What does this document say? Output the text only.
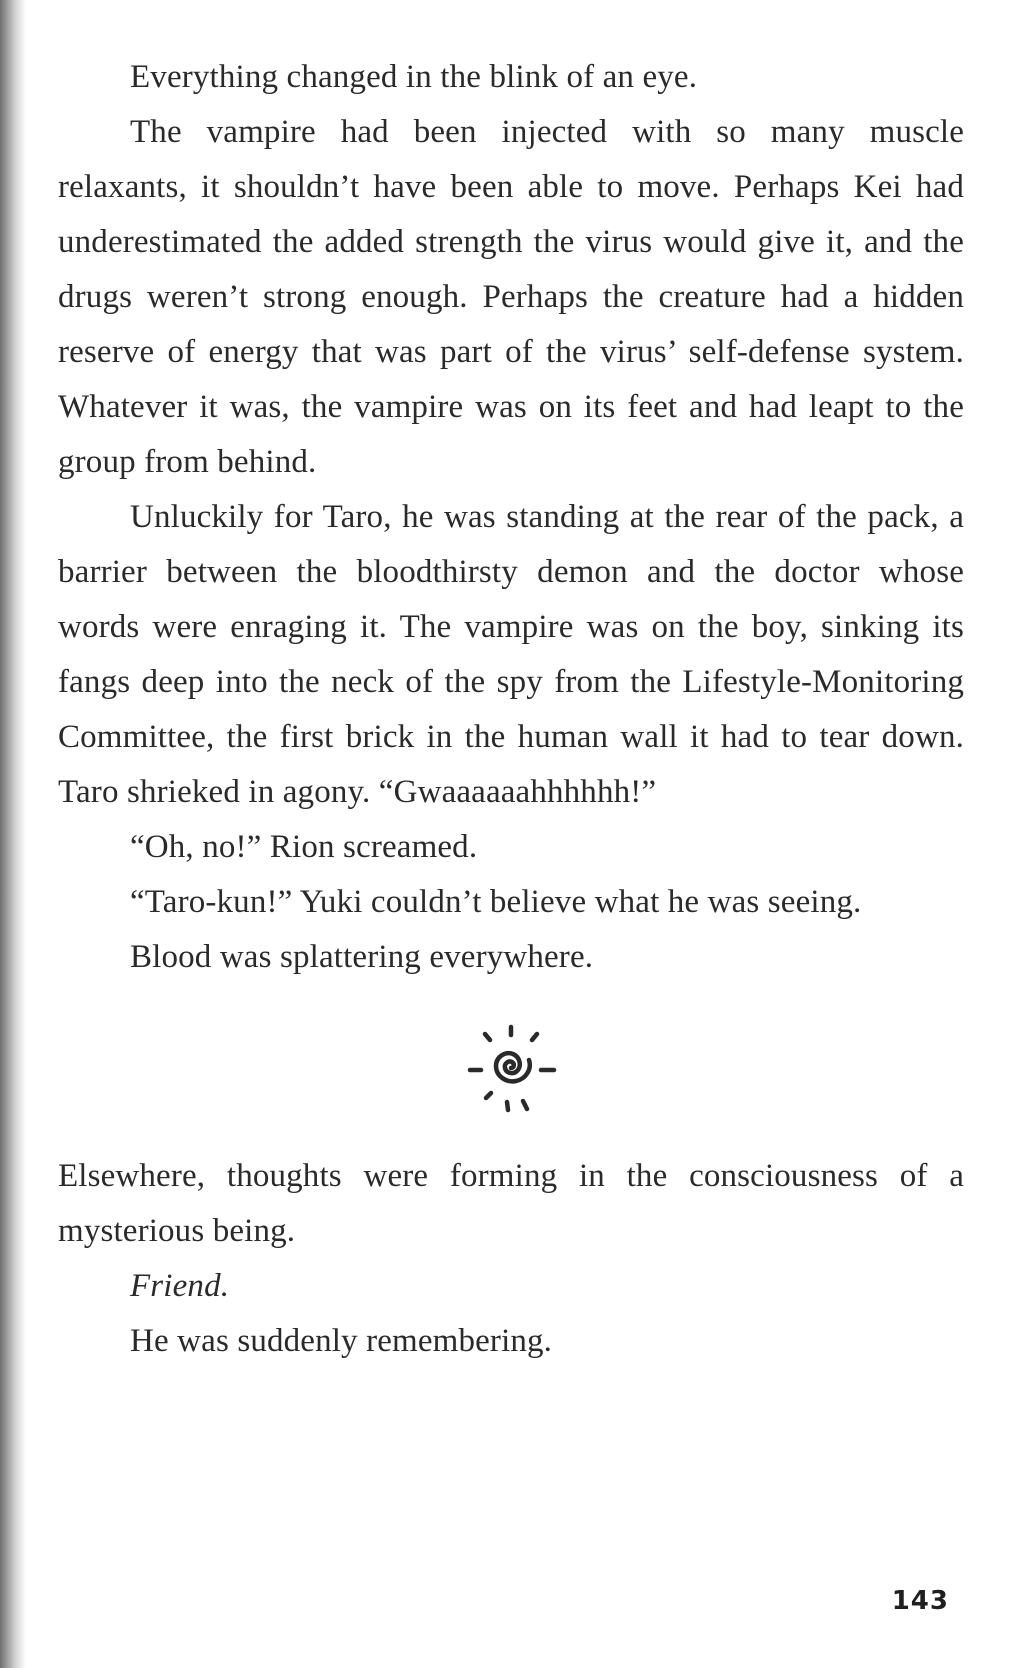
Everything changed in the blink of an eye.

The vampire had been injected with so many muscle relaxants, it shouldn’t have been able to move. Perhaps Kei had underestimated the added strength the virus would give it, and the drugs weren’t strong enough. Perhaps the creature had a hidden reserve of energy that was part of the virus’ self-defense system. Whatever it was, the vampire was on its feet and had leapt to the group from behind.

Unluckily for Taro, he was standing at the rear of the pack, a barrier between the bloodthirsty demon and the doctor whose words were enraging it. The vampire was on the boy, sinking its fangs deep into the neck of the spy from the Lifestyle-Monitoring Committee, the first brick in the human wall it had to tear down. Taro shrieked in agony. “Gwaaaaaahhhhhh!”

“Oh, no!” Rion screamed.

“Taro-kun!” Yuki couldn’t believe what he was seeing.

Blood was splattering everywhere.

Elsewhere, thoughts were forming in the consciousness of a mysterious being.

Friend.

He was suddenly remembering.

143
